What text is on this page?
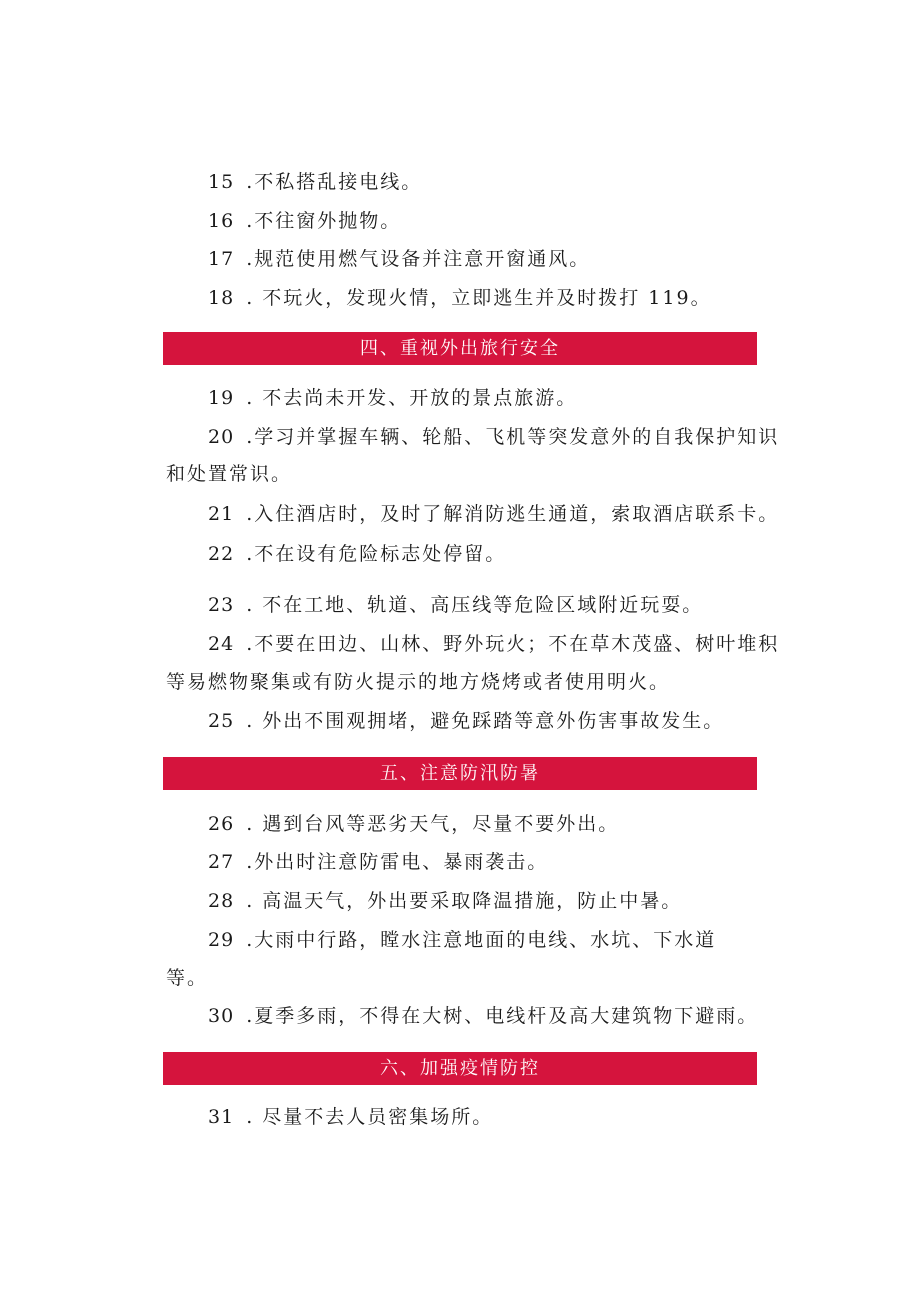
15 .不私搭乱接电线。
16 .不往窗外抛物。
17 .规范使用燃气设备并注意开窗通风。
18 . 不玩火，发现火情，立即逃生并及时拨打 119。
四、重视外出旅行安全
19 . 不去尚未开发、开放的景点旅游。
20 .学习并掌握车辆、轮船、飞机等突发意外的自我保护知识
和处置常识。
21 .入住酒店时，及时了解消防逃生通道，索取酒店联系卡。
22 .不在设有危险标志处停留。
23 . 不在工地、轨道、高压线等危险区域附近玩耍。
24 .不要在田边、山林、野外玩火；不在草木茂盛、树叶堆积
等易燃物聚集或有防火提示的地方烧烤或者使用明火。
25 . 外出不围观拥堵，避免踩踏等意外伤害事故发生。
五、注意防汛防暑
26 . 遇到台风等恶劣天气，尽量不要外出。
27 .外出时注意防雷电、暴雨袭击。
28 . 高温天气，外出要采取降温措施，防止中暑。
29 .大雨中行路，瞠水注意地面的电线、水坑、下水道
等。
30 .夏季多雨，不得在大树、电线杆及高大建筑物下避雨。
六、加强疫情防控
31 . 尽量不去人员密集场所。
